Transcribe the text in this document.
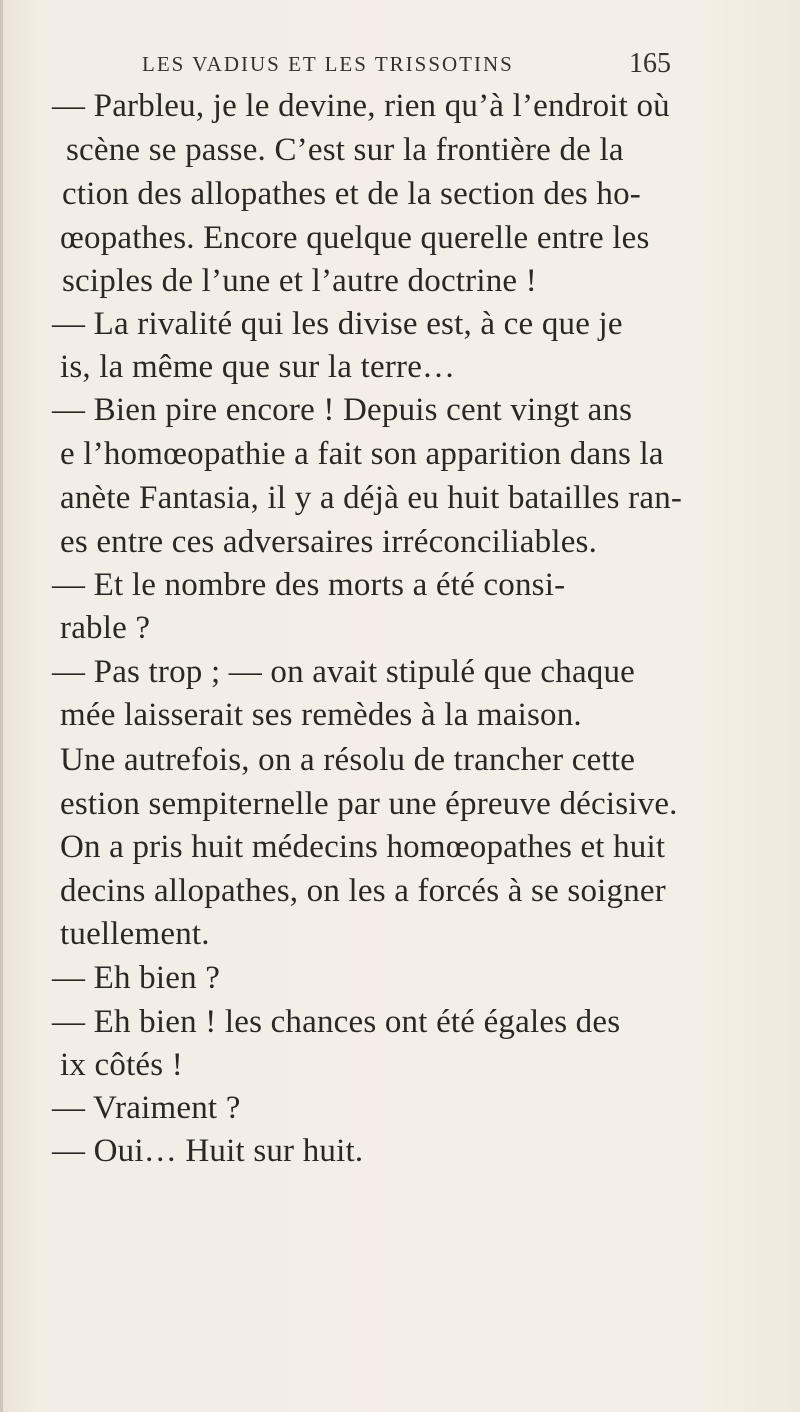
LES VADIUS ET LES TRISSOTINS	165
— Parbleu, je le devine, rien qu’à l’endroit où
scène se passe. C’est sur la frontière de la
ction des allopathes et de la section des ho-
œopathes. Encore quelque querelle entre les
sciples de l’une et l’autre doctrine !
— La rivalité qui les divise est, à ce que je
is, la même que sur la terre…
— Bien pire encore ! Depuis cent vingt ans
e l’homœopathie a fait son apparition dans la
anète Fantasia, il y a déjà eu huit batailles ran-
es entre ces adversaires irréconciliables.
— Et le nombre des morts a été consi-
rable ?
— Pas trop ; — on avait stipulé que chaque
mée laisserait ses remèdes à la maison.
Une autrefois, on a résolu de trancher cette
estion sempiternelle par une épreuve décisive.
On a pris huit médecins homœopathes et huit
decins allopathes, on les a forcés à se soigner
tuellement.
— Eh bien ?
— Eh bien ! les chances ont été égales des
ix côtés !
— Vraiment ?
— Oui… Huit sur huit.
